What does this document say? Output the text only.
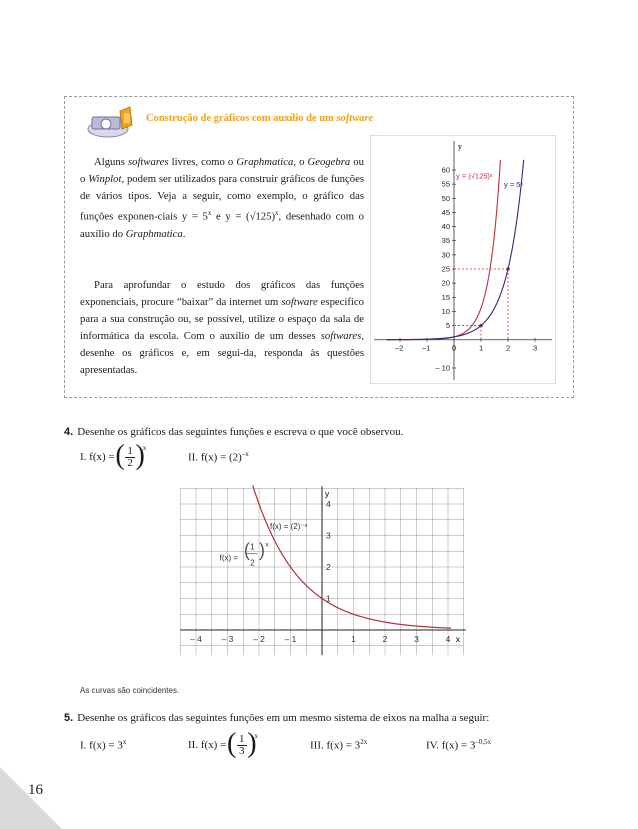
16
Construção de gráficos com auxílio de um software
Alguns softwares livres, como o Graphmatica, o Geogebra ou o Winplot, podem ser utilizados para construir gráficos de funções de vários tipos. Veja a seguir, como exemplo, o gráfico das funções exponen-ciais $y = 5^x$ e $y = (√125)^x$, desenhado com o auxílio do Graphmatica.
Para aprofundar o estudo dos gráficos das funções exponenciais, procure “baixar” da internet um software específico para a sua construção ou, se possível, utilize o espaço da sala de informática da escola. Com o auxílio de um desses softwares, desenhe os gráficos e, em segui-da, responda às questões apresentadas.
y
–2 –1	0	1	2	3
5
10
15
20
25
30
35
40
45
50
55
60
– 10
y = (√125)ˣ
y = 5ˣ
4. Desenhe os gráficos das seguintes funções e escreva o que você observou.
I. f(x) = ( $\frac{1}{2}$
) $^x$
II. $f(x) = (2)^{-x}$
y
x
– 4 – 3 – 2 – 1	1	2	3	4
1
2
3
4
f(x) = (2)⁻ˣ
f(x) =
1
2
( ) x
As curvas são coincidentes.
5. Desenhe os gráficos das seguintes funções em um mesmo sistema de eixos na malha a seguir:
I. $f(x) = 3^x$	II. f(x) = ( $\frac{1}{3}$
) $^x$
III. $f(x) = 3^{2x}$	IV. $f(x) = 3^{-0,5x}$
